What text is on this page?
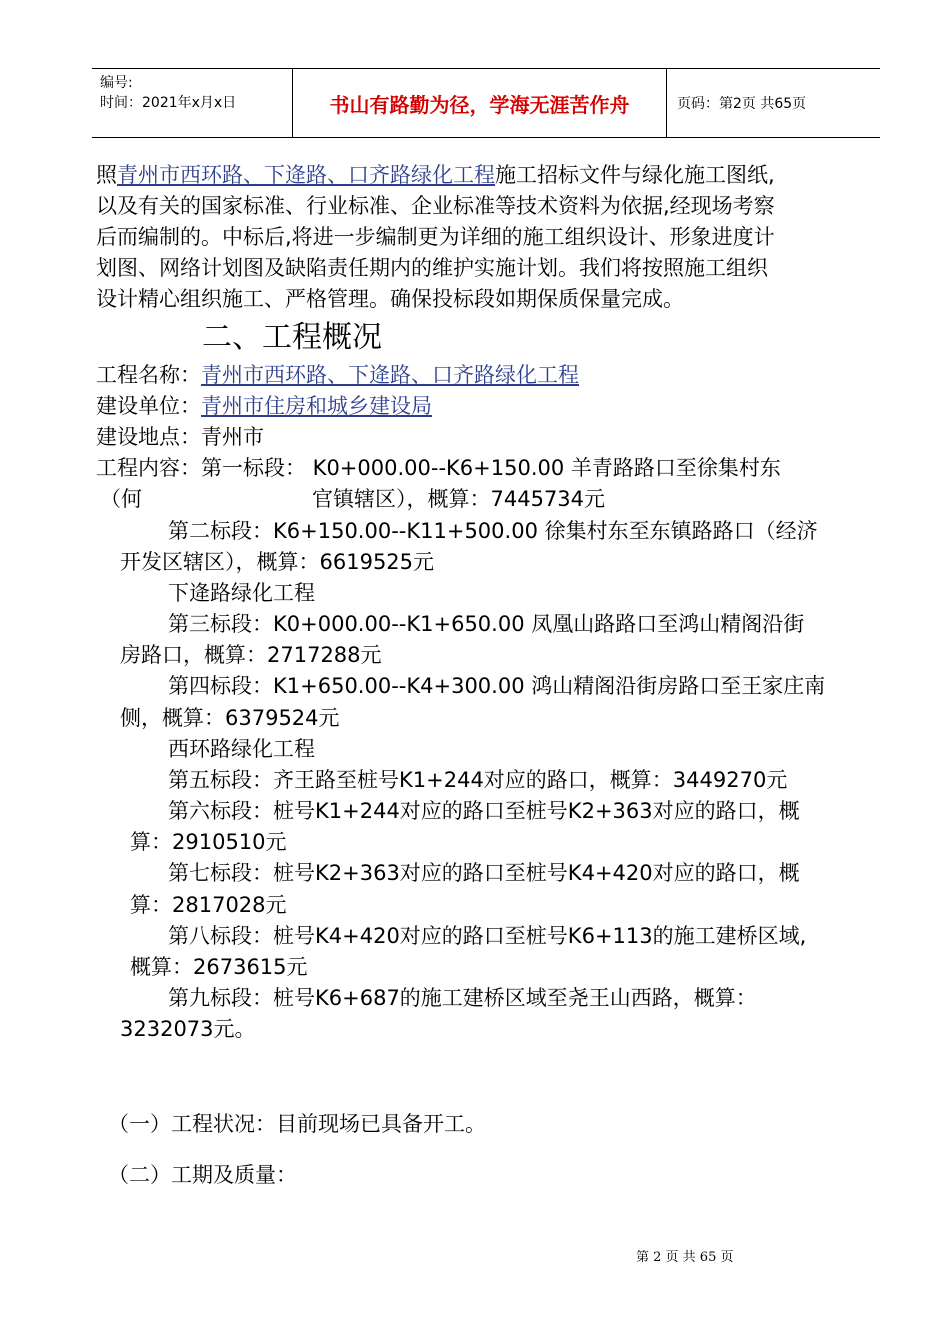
编号:
时间：2021年x月x日	书山有路勤为径，学海无涯苦作舟	页码：第2页 共65页
照青州市西环路、下逄路、口齐路绿化工程施工招标文件与绿化施工图纸,
以及有关的国家标准、行业标准、企业标准等技术资料为依据,经现场考察
后而编制的。中标后,将进一步编制更为详细的施工组织设计、形象进度计
划图、网络计划图及缺陷责任期内的维护实施计划。我们将按照施工组织
设计精心组织施工、严格管理。确保投标段如期保质保量完成。
二、工程概况
工程名称：青州市西环路、下逄路、口齐路绿化工程
建设单位：青州市住房和城乡建设局
建设地点：青州市
工程内容：第一标段： K0+000.00--K6+150.00 羊青路路口至徐集村东
（何	官镇辖区），概算：7445734元
第二标段：K6+150.00--K11+500.00 徐集村东至东镇路路口（经济
开发区辖区），概算：6619525元
下逄路绿化工程
第三标段：K0+000.00--K1+650.00 凤凰山路路口至鸿山精阁沿街
房路口，概算：2717288元
第四标段：K1+650.00--K4+300.00 鸿山精阁沿街房路口至王家庄南
侧，概算：6379524元
西环路绿化工程
第五标段：齐王路至桩号K1+244对应的路口，概算：3449270元
第六标段：桩号K1+244对应的路口至桩号K2+363对应的路口，概
算：2910510元
第七标段：桩号K2+363对应的路口至桩号K4+420对应的路口，概
算：2817028元
第八标段：桩号K4+420对应的路口至桩号K6+113的施工建桥区域,
概算：2673615元
第九标段：桩号K6+687的施工建桥区域至尧王山西路，概算：
3232073元。
（一）工程状况：目前现场已具备开工。
（二）工期及质量：
第 2 页 共 65 页
